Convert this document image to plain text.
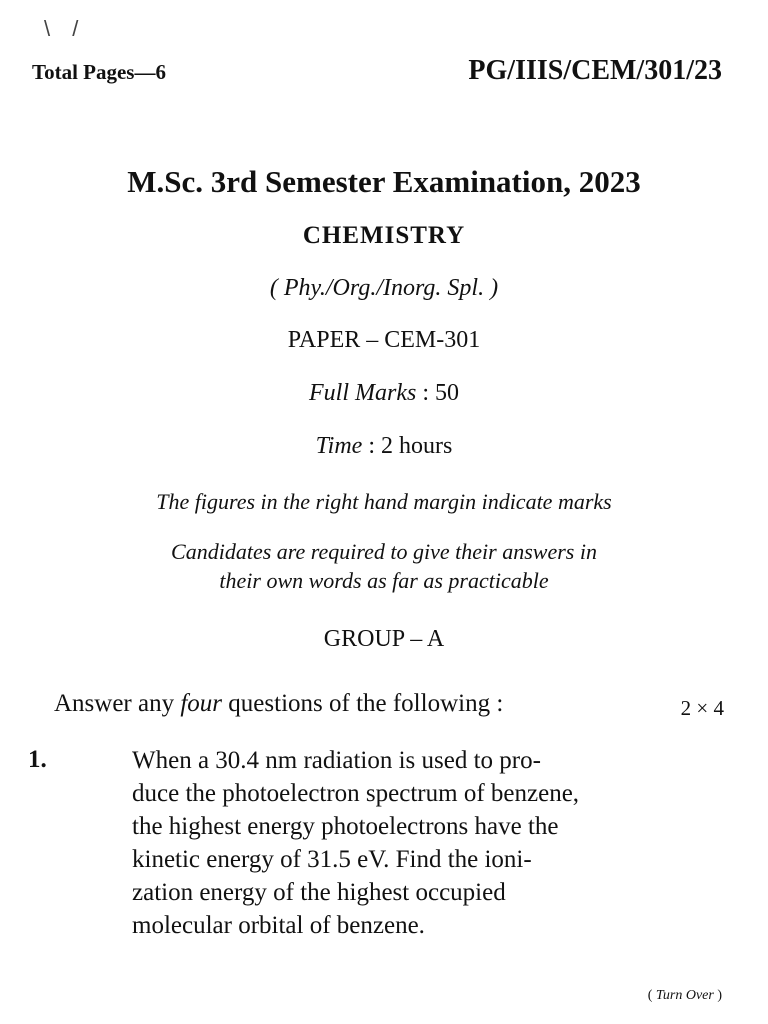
\ /
Total Pages—6	PG/IIIS/CEM/301/23
M.Sc. 3rd Semester Examination, 2023
CHEMISTRY
( Phy./Org./Inorg. Spl. )
PAPER – CEM-301
Full Marks : 50
Time : 2 hours
The figures in the right hand margin indicate marks
Candidates are required to give their answers in
their own words as far as practicable
GROUP – A
Answer any four questions of the following :	2 × 4
1.	When a 30.4 nm radiation is used to pro-
duce the photoelectron spectrum of benzene,
the highest energy photoelectrons have the
kinetic energy of 31.5 eV. Find the ioni-
zation energy of the highest occupied
molecular orbital of benzene.
( Turn Over )
